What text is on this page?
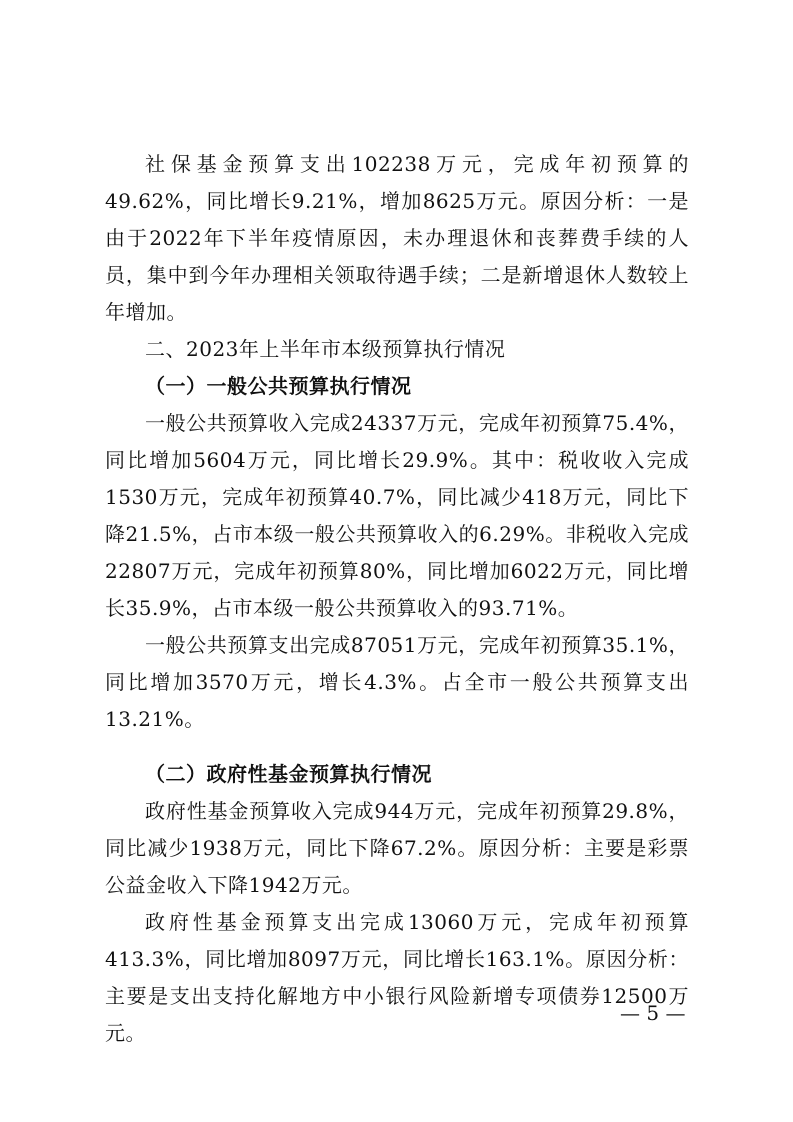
社保基金预算支出102238万元，完成年初预算的49.62%，同比增长9.21%，增加8625万元。原因分析：一是由于2022年下半年疫情原因，未办理退休和丧葬费手续的人员，集中到今年办理相关领取待遇手续；二是新增退休人数较上年增加。

二、2023年上半年市本级预算执行情况

（一）一般公共预算执行情况

一般公共预算收入完成24337万元，完成年初预算75.4%，同比增加5604万元，同比增长29.9%。其中：税收收入完成1530万元，完成年初预算40.7%，同比减少418万元，同比下降21.5%，占市本级一般公共预算收入的6.29%。非税收入完成22807万元，完成年初预算80%，同比增加6022万元，同比增长35.9%，占市本级一般公共预算收入的93.71%。

一般公共预算支出完成87051万元，完成年初预算35.1%，同比增加3570万元，增长4.3%。占全市一般公共预算支出13.21%。

（二）政府性基金预算执行情况

政府性基金预算收入完成944万元，完成年初预算29.8%，同比减少1938万元，同比下降67.2%。原因分析：主要是彩票公益金收入下降1942万元。

政府性基金预算支出完成13060万元，完成年初预算413.3%，同比增加8097万元，同比增长163.1%。原因分析：主要是支出支持化解地方中小银行风险新增专项债券12500万元。

— 5 —
